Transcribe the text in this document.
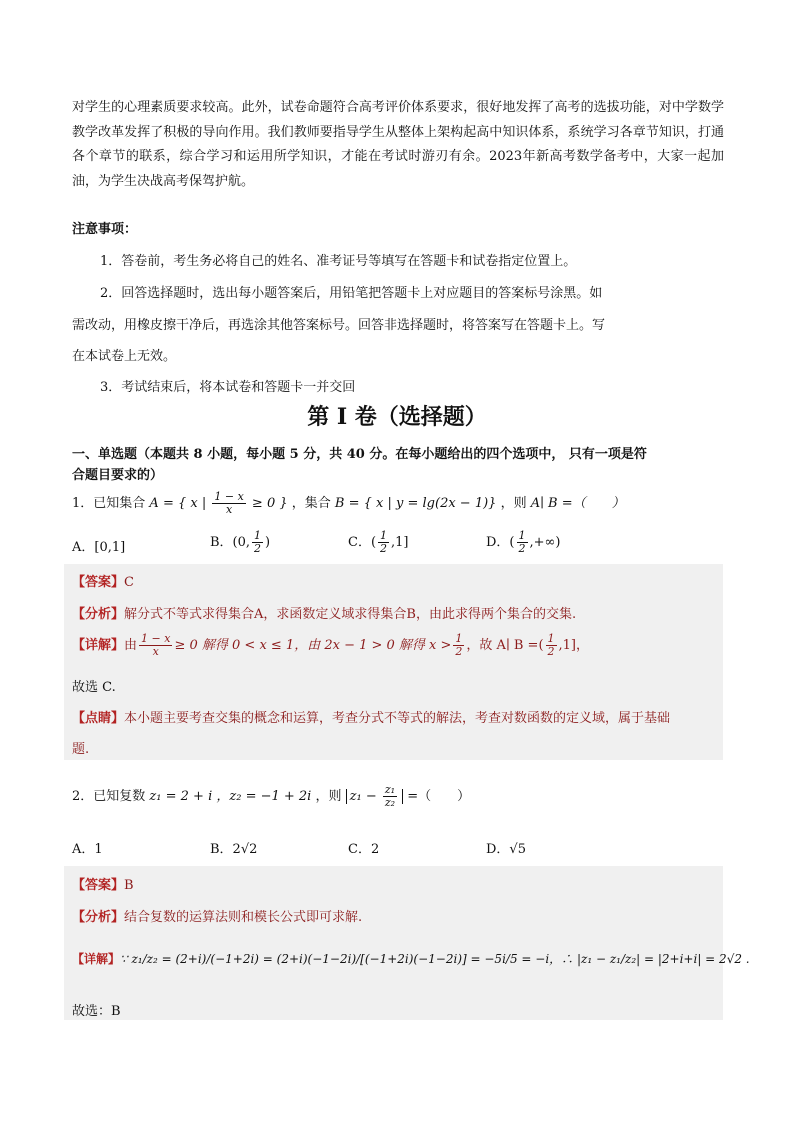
对学生的心理素质要求较高。此外，试卷命题符合高考评价体系要求，很好地发挥了高考的选拔功能，对中学数学教学改革发挥了积极的导向作用。我们教师要指导学生从整体上架构起高中知识体系，系统学习各章节知识，打通各个章节的联系，综合学习和运用所学知识，才能在考试时游刃有余。2023年新高考数学备考中，大家一起加油，为学生决战高考保驾护航。
注意事项：
1．答卷前，考生务必将自己的姓名、准考证号等填写在答题卡和试卷指定位置上。
2．回答选择题时，选出每小题答案后，用铅笔把答题卡上对应题目的答案标号涂黑。如
需改动，用橡皮擦干净后，再选涂其他答案标号。回答非选择题时，将答案写在答题卡上。写
在本试卷上无效。
3．考试结束后，将本试卷和答题卡一并交回
第 I 卷（选择题）
一、单选题（本题共 8 小题，每小题 5 分，共 40 分。在每小题给出的四个选项中， 只有一项是符
合题目要求的）
1．已知集合 A = { x | $\frac{1 - x}{x} \ge 0$ } ，集合 B = { x | y = lg(2x − 1)} ，则 A∣ B =（　　）
A．[0,1]	B．(0, $\frac{1}{2}$ )	C．( $\frac{1}{2} ,1$]	D．( $\frac{1}{2}$ ,+∞)
【答案】C
【分析】解分式不等式求得集合A，求函数定义域求得集合B，由此求得两个集合的交集.
【详解】由 $\frac{1 - x}{x} \ge 0$ 解得 0 < x ≤ 1，由 2x − 1 > 0 解得 $x > \frac{1}{2}$ ，故 A∣ B =( $\frac{1}{2} ,1$]，
故选 C.
【点睛】本小题主要考查交集的概念和运算，考查分式不等式的解法，考查对数函数的定义域，属于基础
题.
2．已知复数 z₁ = 2 + i ，z₂ = −1 + 2i ，则 $z_1 - \frac{\text{z₁}}{\text{z₂}}$ =（　　）
A．1	B．2√2	C．2	D．√5
【答案】B
【分析】结合复数的运算法则和模长公式即可求解.
【详解】∵ z₁/z₂ = (2+i)/(−1+2i) = (2+i)(−1−2i)/[(−1+2i)(−1−2i)] = −5i/5 = −i，∴ |z₁ − z₁/z₂| = |2+i+i| = 2√2 .
故选：B
